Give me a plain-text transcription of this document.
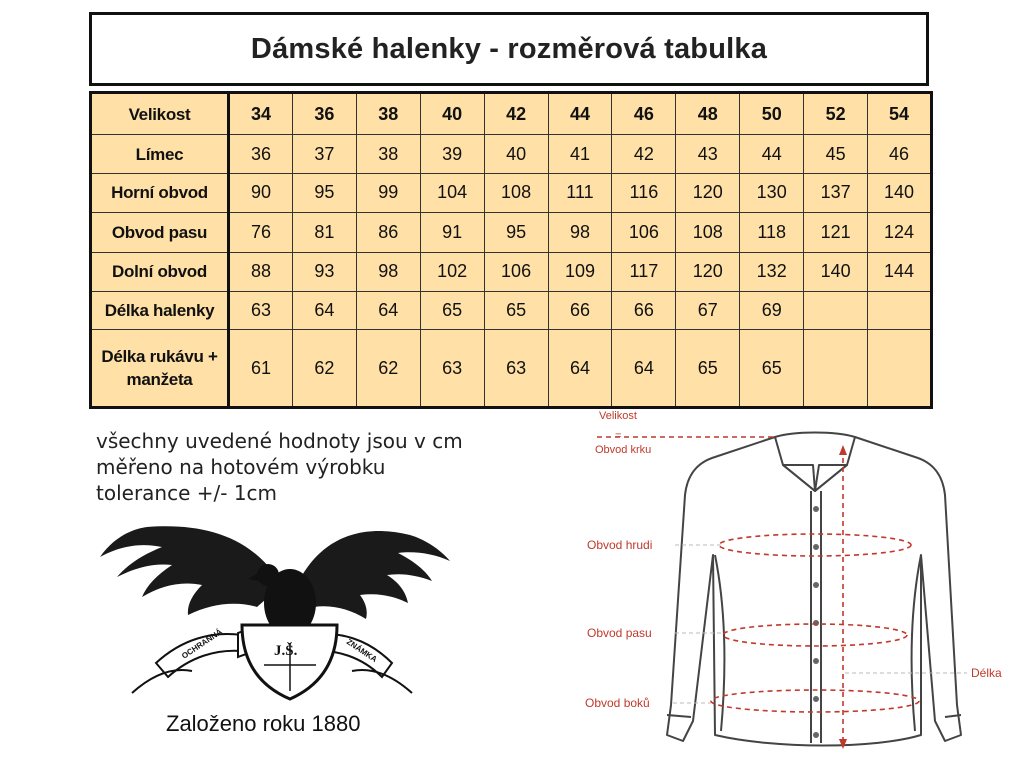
Dámské halenky - rozměrová tabulka
Velikost	34	36	38	40	42	44	46	48	50	52	54
Límec	36	37	38	39	40	41	42	43	44	45	46
Horní obvod	90	95	99	104	108	111	116	120	130	137	140
Obvod pasu	76	81	86	91	95	98	106	108	118	121	124
Dolní obvod	88	93	98	102	106	109	117	120	132	140	144
Délka halenky	63	64	64	65	65	66	66	67	69		
Délka rukávu + manžeta	61	62	62	63	63	64	64	65	65		
všechny uvedené hodnoty jsou v cm
měřeno na hotovém výrobku
tolerance +/- 1cm
OCHRANNÁ	ZNÁMKA
J.Š.
Založeno roku 1880
Velikost
=
Obvod krku
Obvod hrudi
Obvod pasu
Obvod boků
Délka
